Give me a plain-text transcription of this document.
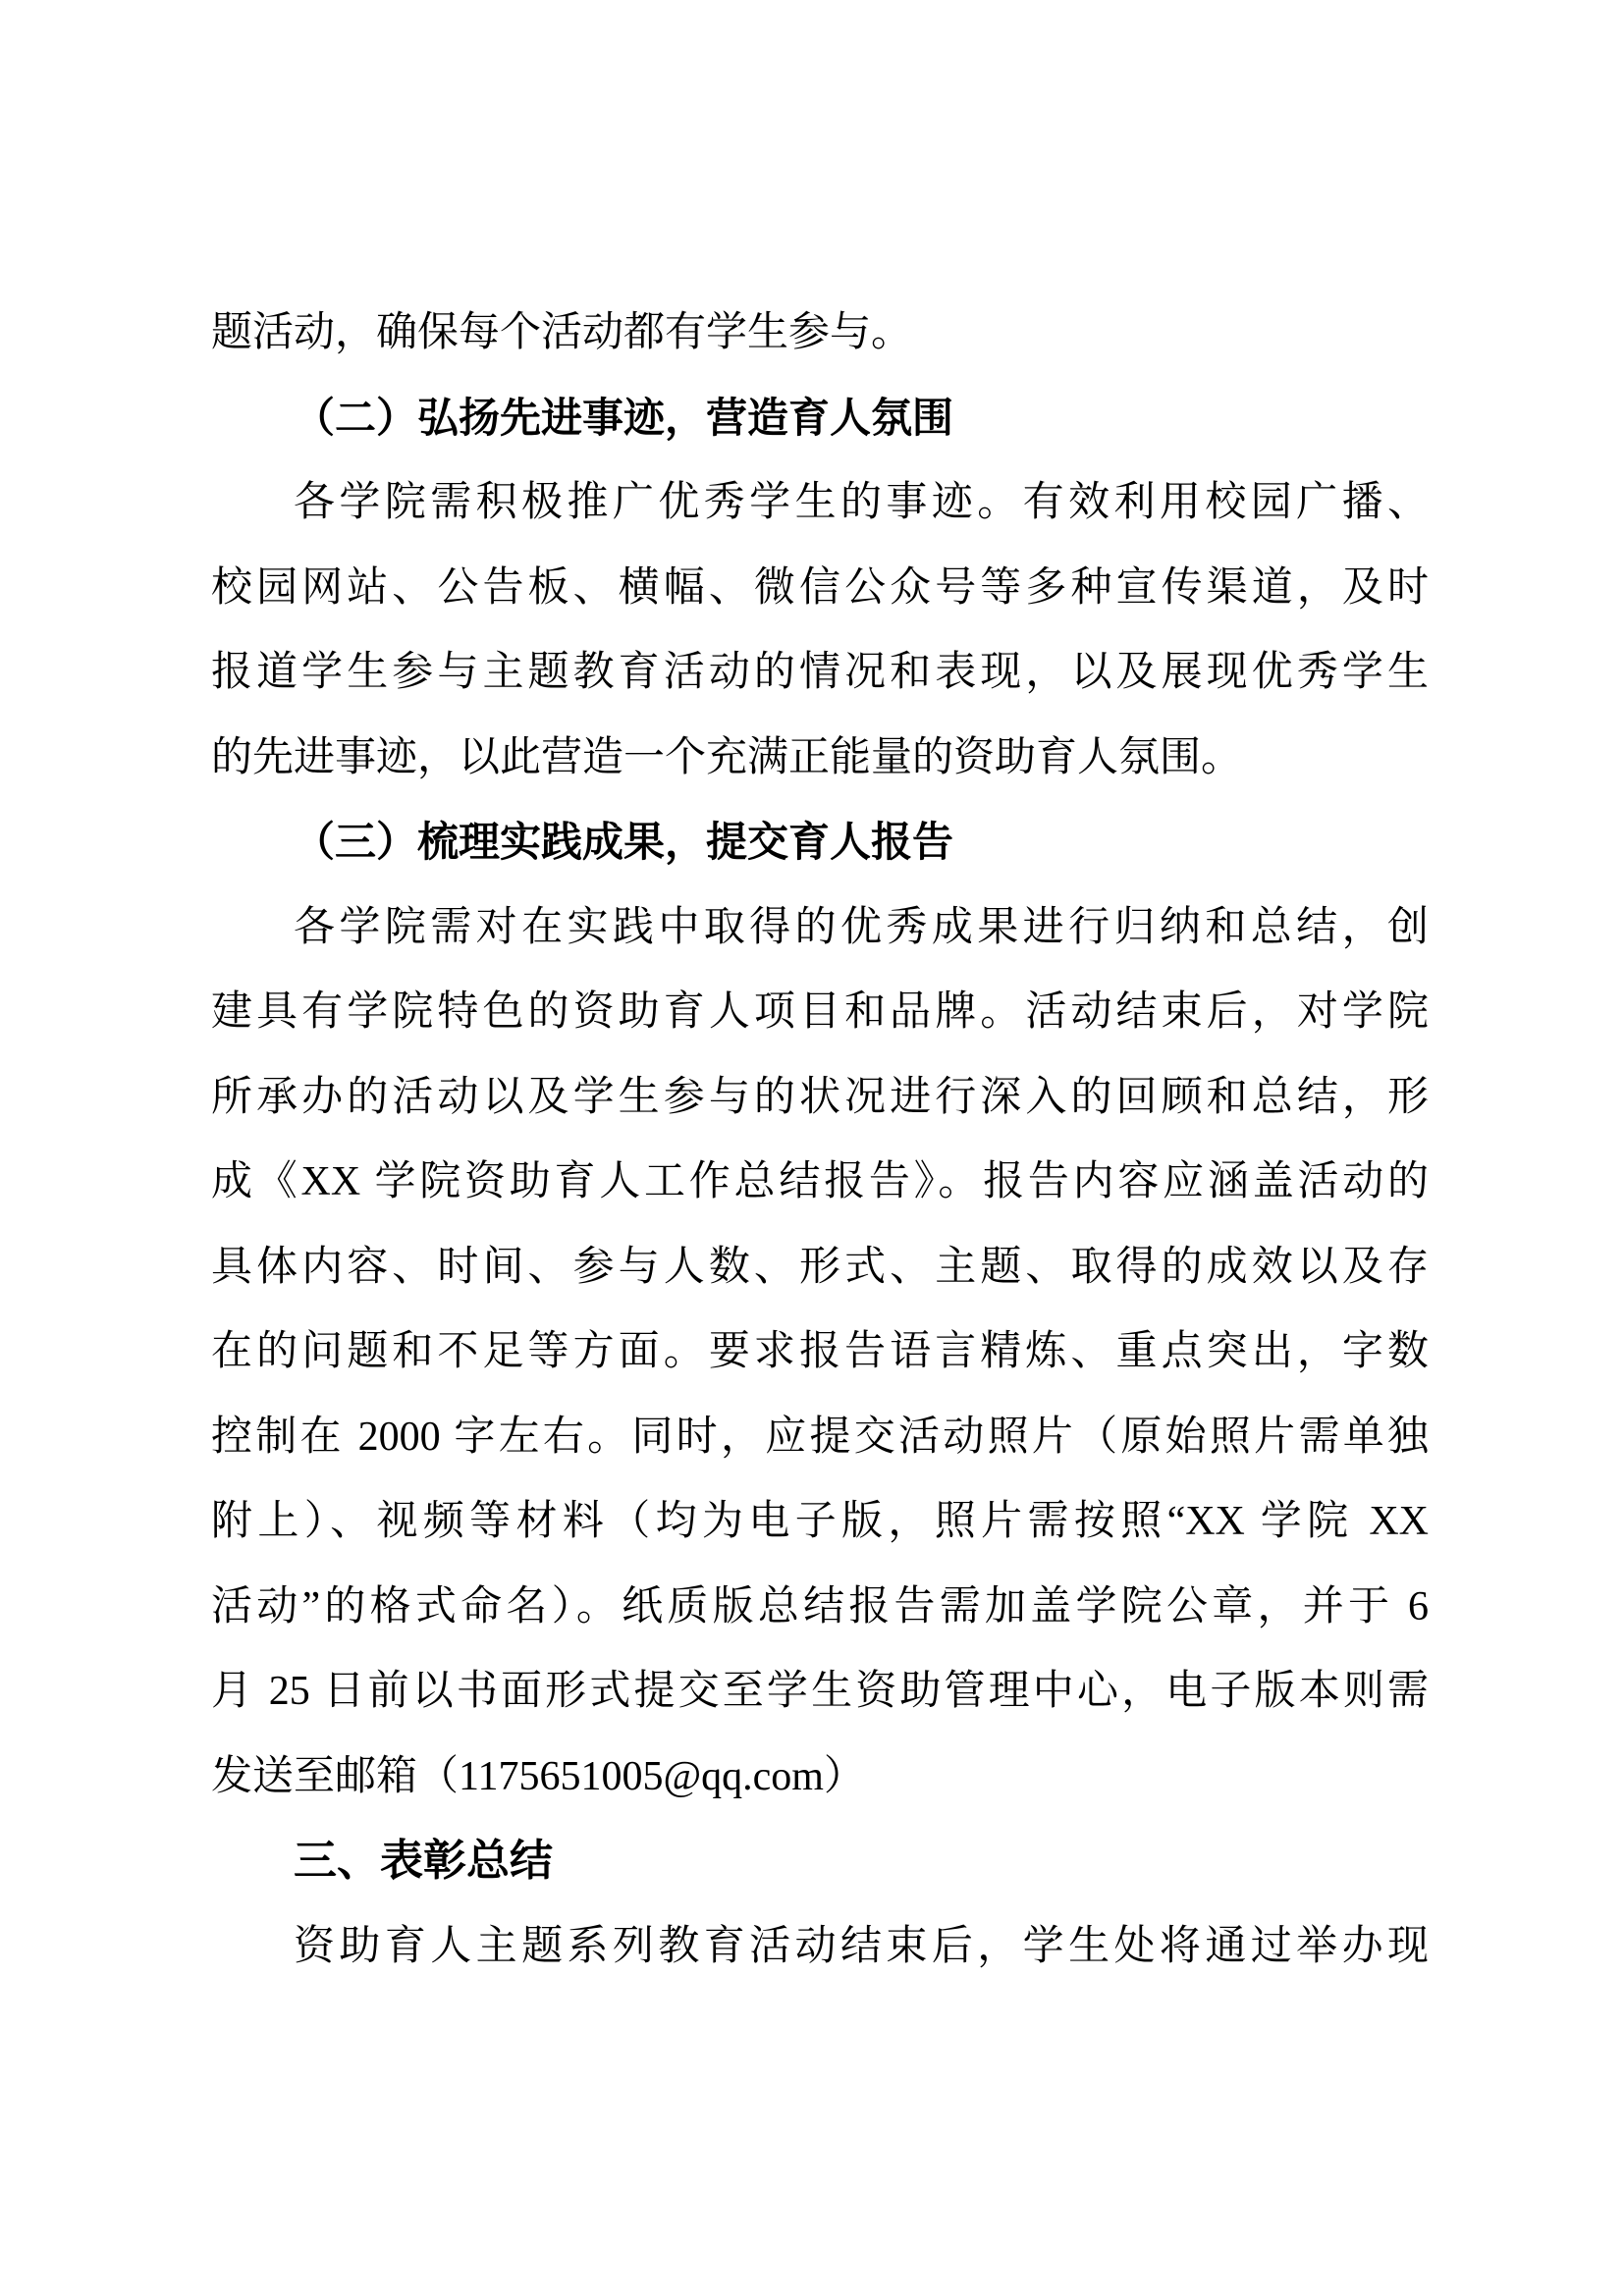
题活动，确保每个活动都有学生参与。
（二）弘扬先进事迹，营造育人氛围
各学院需积极推广优秀学生的事迹。有效利用校园广播、
校园网站、公告板、横幅、微信公众号等多种宣传渠道，及时
报道学生参与主题教育活动的情况和表现，以及展现优秀学生
的先进事迹，以此营造一个充满正能量的资助育人氛围。
（三）梳理实践成果，提交育人报告
各学院需对在实践中取得的优秀成果进行归纳和总结，创
建具有学院特色的资助育人项目和品牌。活动结束后，对学院
所承办的活动以及学生参与的状况进行深入的回顾和总结，形
成《XX 学院资助育人工作总结报告》。报告内容应涵盖活动的
具体内容、时间、参与人数、形式、主题、取得的成效以及存
在的问题和不足等方面。要求报告语言精炼、重点突出，字数
控制在 2000 字左右。同时，应提交活动照片（原始照片需单独
附上）、视频等材料（均为电子版，照片需按照“XX 学院 XX
活动”的格式命名）。纸质版总结报告需加盖学院公章，并于 6
月 25 日前以书面形式提交至学生资助管理中心，电子版本则需
发送至邮箱（1175651005@qq.com）
三、表彰总结
资助育人主题系列教育活动结束后，学生处将通过举办现
